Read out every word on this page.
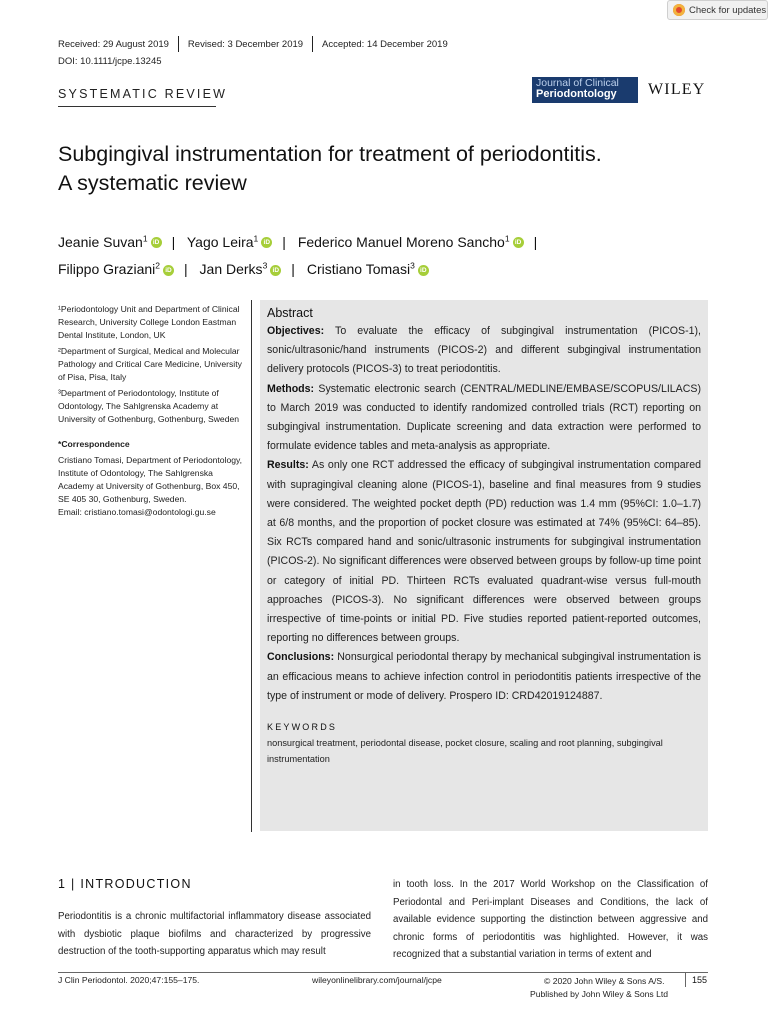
Check for updates
Received: 29 August 2019 Revised: 3 December 2019 Accepted: 14 December 2019
DOI: 10.1111/jcpe.13245
SYSTEMATIC REVIEW
Journal of Clinical
Periodontology	WILEY
Subgingival instrumentation for treatment of periodontitis.
A systematic review
Jeanie Suvan$^1$ iD | Yago Leira$^1$ iD | Federico Manuel Moreno Sancho$^1$ iD |
Filippo Graziani$^2$ iD | Jan Derks$^3$ iD | Cristiano Tomasi$^3$ iD

¹Periodontology Unit and Department of Clinical Research, University College London Eastman Dental Institute, London, UK

²Department of Surgical, Medical and Molecular Pathology and Critical Care Medicine, University of Pisa, Pisa, Italy

³Department of Periodontology, Institute of Odontology, The Sahlgrenska Academy at University of Gothenburg, Gothenburg, Sweden

*Correspondence

Cristiano Tomasi, Department of Periodontology, Institute of Odontology, The Sahlgrenska Academy at University of Gothenburg, Box 450, SE 405 30, Gothenburg, Sweden.

Email: cristiano.tomasi@odontologi.gu.se

Abstract

Objectives: To evaluate the efficacy of subgingival instrumentation (PICOS-1), sonic/ultrasonic/hand instruments (PICOS-2) and different subgingival instrumentation delivery protocols (PICOS-3) to treat periodontitis.

Methods: Systematic electronic search (CENTRAL/MEDLINE/EMBASE/SCOPUS/LILACS) to March 2019 was conducted to identify randomized controlled trials (RCT) reporting on subgingival instrumentation. Duplicate screening and data extraction were performed to formulate evidence tables and meta-analysis as appropriate.

Results: As only one RCT addressed the efficacy of subgingival instrumentation compared with supragingival cleaning alone (PICOS-1), baseline and final measures from 9 studies were considered. The weighted pocket depth (PD) reduction was 1.4 mm (95%CI: 1.0–1.7) at 6/8 months, and the proportion of pocket closure was estimated at 74% (95%CI: 64–85). Six RCTs compared hand and sonic/ultrasonic instruments for subgingival instrumentation (PICOS-2). No significant differences were observed between groups by follow-up time point or category of initial PD. Thirteen RCTs evaluated quadrant-wise versus full-mouth approaches (PICOS-3). No significant differences were observed between groups irrespective of time-points or initial PD. Five studies reported patient-reported outcomes, reporting no differences between groups.

Conclusions: Nonsurgical periodontal therapy by mechanical subgingival instrumentation is an efficacious means to achieve infection control in periodontitis patients irrespective of the type of instrument or mode of delivery. Prospero ID: CRD42019124887.

KEYWORDS
nonsurgical treatment, periodontal disease, pocket closure, scaling and root planning, subgingival instrumentation
1 | INTRODUCTION
Periodontitis is a chronic multifactorial inflammatory disease associated with dysbiotic plaque biofilms and characterized by progressive destruction of the tooth-supporting apparatus which may result
in tooth loss. In the 2017 World Workshop on the Classification of Periodontal and Peri-implant Diseases and Conditions, the lack of available evidence supporting the distinction between aggressive and chronic forms of periodontitis was highlighted. However, it was recognized that a substantial variation in terms of extent and
J Clin Periodontol. 2020;47:155–175.	wileyonlinelibrary.com/journal/jcpe	© 2020 John Wiley & Sons A/S.
Published by John Wiley & Sons Ltd
155
